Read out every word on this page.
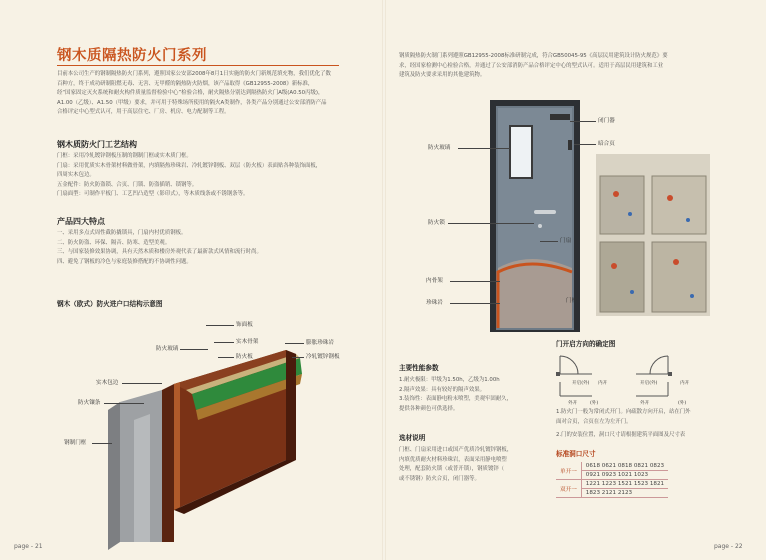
钢木质隔热防火门系列
目前本公司生产的钢制隔热防火门系列，遵照国家公安部2008年8月1日实施的防火门新规范填充物，我们优化了数
百种方，终于成功研制阻燃无毒、无害、无甲醛的隔热防火防烟，该产品取得《GB12955-2008》新标准，
经“国家固定灭火系统和耐火构件质量监督检验中心”检验合格，耐火隔热分别达到隔热防火门A级(A0.50丙级)，
A1.00（乙级）、A1.50（甲级）要求，并可用于特殊场所使用的隔火A类制作，各类产品分别通过公安部消防产品
合格评定中心型式认可，用于高层住宅、厂房、机房、电力配制等工程。
钢木质防火门工艺结构
门框：采用冷轧镀锌钢板压制的钢制门框或实木质门框。
门扇：采用优质实木骨架材料做骨架，内填隔热珍珠岩、冷轧镀锌钢板、双层（防火板）表面贴各种装饰面板，
四周实木包边。
五金配件：防火防盗锁、合页、门锁、防盗插销、锁钢等。
门扇面型：可制作平板门、工艺凹凸造型（影印式），等木质线条或不锈钢条等。
产品四大特点
一、采用多点式周性截防撬锁具，门扇内衬优质钢板。
二、防火防盗、环保、隔音、防寒、造型美观。
三、与国家装修效果协调，具有天然木质和楼房外观代表了最新款式风情和流行时尚。
四、避免了钢板的冷色与家庭装修搭配的不协调性问题。
钢木（欧式）防火进户口结构示意图
饰面板
防火玻璃
实木骨架
防火板
膨胀珍珠岩
冷轧镀锌钢板
实木包边
防火镶条
钢制门框
page - 21
钢质隔热防火制门系列遵照GB12955-2008标准研制完成，符合GB50045-95《高层民用建筑设计防火规范》要
求，经国家检测中心检验合格，并通过了公安部消防产品合格评定中心的型式认可。适用于高层民用建筑和工业
建筑及防火要求采用的其他建筑物。
闭门器
暗合页
防火玻璃
防火锁
门扇
内骨架
珍珠岩	门框
主要性能参数
1.耐火极限：甲级为1.50h，乙级为1.00h
2.隔声效果：具有较好的隔声效果。
3.装饰性：表面静电粉末喷塑，美观牢固耐久，
提供各种颜色可供选择。
选材说明
门框、门扇采用进口或国产优质冷轧镀锌钢板，
内填优质耐火材料珍珠岩，表面采用静电喷塑
处理，配套防火锁（或普开锁），钢质镀锌（
或不锈钢）防火合页，闭门器等。
门开启方向的确定图
开启(外) 内开	开启(外)	内开
外开	(外)	外开	(外)
1.防火门一般为常闭式开门。向疏散方向开启，站在门外
面对合页，合页在左为左开门。
2.门的安装位置，洞口尺寸请根据建筑平面图及尺寸表
标准洞口尺寸
单开一	0618 0621 0818 0821 0823
	0921 0923 1021 1023
双开一	1221 1223 1521 1523 1821
	1823 2121 2123
page - 22
